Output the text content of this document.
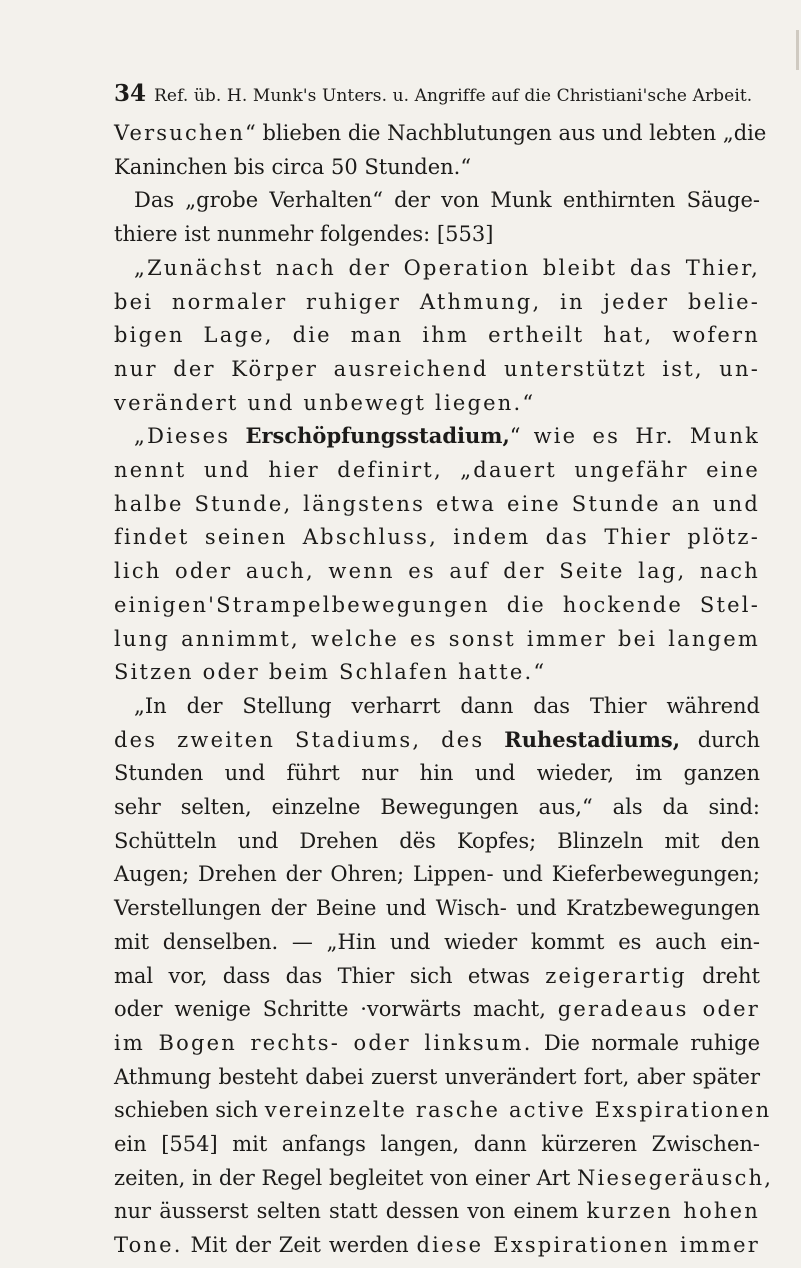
34 Ref. üb. H. Munk's Unters. u. Angriffe auf die Christiani'sche Arbeit.
Versuchen“ blieben die Nachblutungen aus und lebten „die
Kaninchen bis circa 50 Stunden.“
Das „grobe Verhalten“ der von Munk enthirnten Säuge-
thiere ist nunmehr folgendes: [553]
„Zunächst nach der Operation bleibt das Thier,
bei normaler ruhiger Athmung, in jeder belie-
bigen Lage, die man ihm ertheilt hat, wofern
nur der Körper ausreichend unterstützt ist, un-
verändert und unbewegt liegen.“
„Dieses Erschöpfungsstadium,“ wie es Hr. Munk
nennt und hier definirt, „dauert ungefähr eine
halbe Stunde, längstens etwa eine Stunde an und
findet seinen Abschluss, indem das Thier plötz-
lich oder auch, wenn es auf der Seite lag, nach
einigen'Strampelbewegungen die hockende Stel-
lung annimmt, welche es sonst immer bei langem
Sitzen oder beim Schlafen hatte.“
„In der Stellung verharrt dann das Thier während
des zweiten Stadiums, des Ruhestadiums, durch
Stunden und führt nur hin und wieder, im ganzen
sehr selten, einzelne Bewegungen aus,“ als da sind:
Schütteln und Drehen dës Kopfes; Blinzeln mit den
Augen; Drehen der Ohren; Lippen- und Kieferbewegungen;
Verstellungen der Beine und Wisch- und Kratzbewegungen
mit denselben. — „Hin und wieder kommt es auch ein-
mal vor, dass das Thier sich etwas zeigerartig dreht
oder wenige Schritte ·vorwärts macht, geradeaus oder
im Bogen rechts- oder linksum. Die normale ruhige
Athmung besteht dabei zuerst unverändert fort, aber später
schieben sich vereinzelte rasche active Exspirationen
ein [554] mit anfangs langen, dann kürzeren Zwischen-
zeiten, in der Regel begleitet von einer Art Niesegeräusch,
nur äusserst selten statt dessen von einem kurzen hohen
Tone. Mit der Zeit werden diese Exspirationen immer
